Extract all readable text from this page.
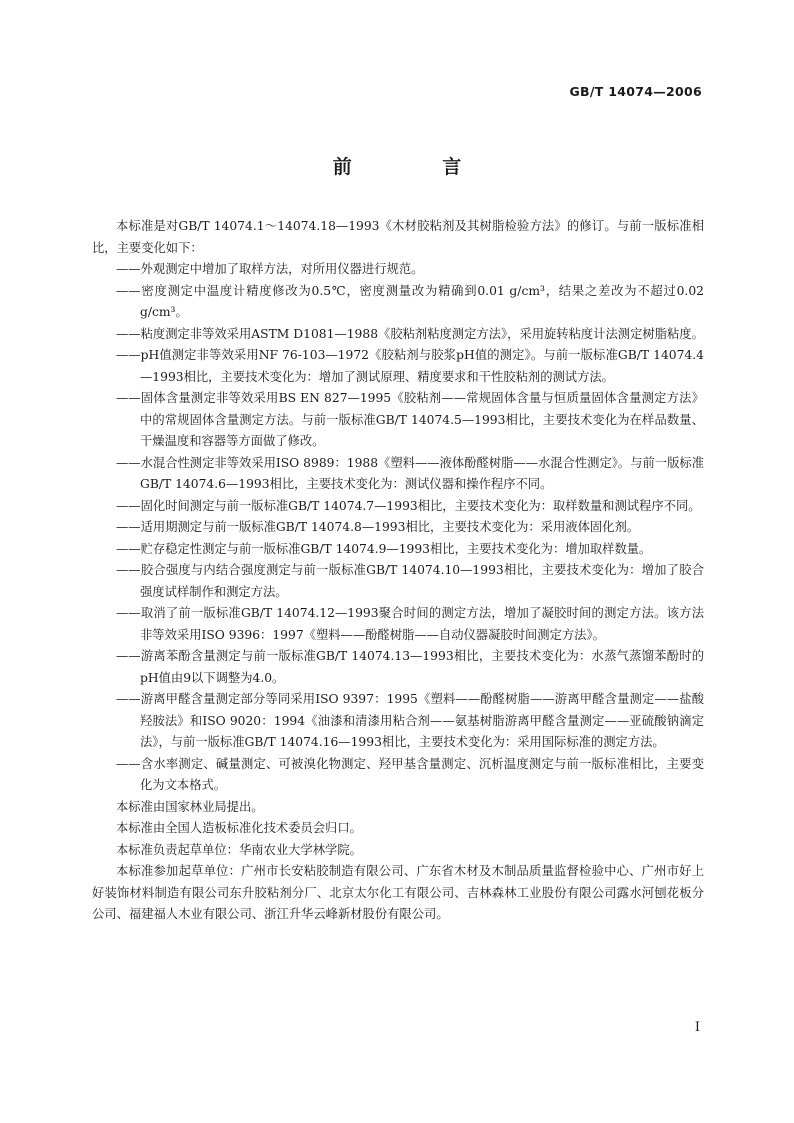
GB/T 14074—2006
前 言

本标准是对GB/T 14074.1～14074.18—1993《木材胶粘剂及其树脂检验方法》的修订。与前一版标准相比，主要变化如下：

——外观测定中增加了取样方法，对所用仪器进行规范。

——密度测定中温度计精度修改为0.5℃，密度测量改为精确到0.01 g/cm³，结果之差改为不超过0.02 g/cm³。

——粘度测定非等效采用ASTM D1081—1988《胶粘剂粘度测定方法》，采用旋转粘度计法测定树脂粘度。

——pH值测定非等效采用NF 76-103—1972《胶粘剂与胶浆pH值的测定》。与前一版标准GB/T 14074.4—1993相比，主要技术变化为：增加了测试原理、精度要求和干性胶粘剂的测试方法。

——固体含量测定非等效采用BS EN 827—1995《胶粘剂——常规固体含量与恒质量固体含量测定方法》中的常规固体含量测定方法。与前一版标准GB/T 14074.5—1993相比，主要技术变化为在样品数量、干燥温度和容器等方面做了修改。

——水混合性测定非等效采用ISO 8989：1988《塑料——液体酚醛树脂——水混合性测定》。与前一版标准GB/T 14074.6—1993相比，主要技术变化为：测试仪器和操作程序不同。

——固化时间测定与前一版标准GB/T 14074.7—1993相比，主要技术变化为：取样数量和测试程序不同。

——适用期测定与前一版标准GB/T 14074.8—1993相比，主要技术变化为：采用液体固化剂。

——贮存稳定性测定与前一版标准GB/T 14074.9—1993相比，主要技术变化为：增加取样数量。

——胶合强度与内结合强度测定与前一版标准GB/T 14074.10—1993相比，主要技术变化为：增加了胶合强度试样制作和测定方法。

——取消了前一版标准GB/T 14074.12—1993聚合时间的测定方法，增加了凝胶时间的测定方法。该方法非等效采用ISO 9396：1997《塑料——酚醛树脂——自动仪器凝胶时间测定方法》。

——游离苯酚含量测定与前一版标准GB/T 14074.13—1993相比，主要技术变化为：水蒸气蒸馏苯酚时的pH值由9以下调整为4.0。

——游离甲醛含量测定部分等同采用ISO 9397：1995《塑料——酚醛树脂——游离甲醛含量测定——盐酸羟胺法》和ISO 9020：1994《油漆和清漆用粘合剂——氨基树脂游离甲醛含量测定——亚硫酸钠滴定法》，与前一版标准GB/T 14074.16—1993相比，主要技术变化为：采用国际标准的测定方法。

——含水率测定、碱量测定、可被溴化物测定、羟甲基含量测定、沉析温度测定与前一版标准相比，主要变化为文本格式。

本标准由国家林业局提出。

本标准由全国人造板标准化技术委员会归口。

本标准负责起草单位：华南农业大学林学院。

本标准参加起草单位：广州市长安粘胶制造有限公司、广东省木材及木制品质量监督检验中心、广州市好上好装饰材料制造有限公司东升胶粘剂分厂、北京太尔化工有限公司、吉林森林工业股份有限公司露水河刨花板分公司、福建福人木业有限公司、浙江升华云峰新材股份有限公司。

I
